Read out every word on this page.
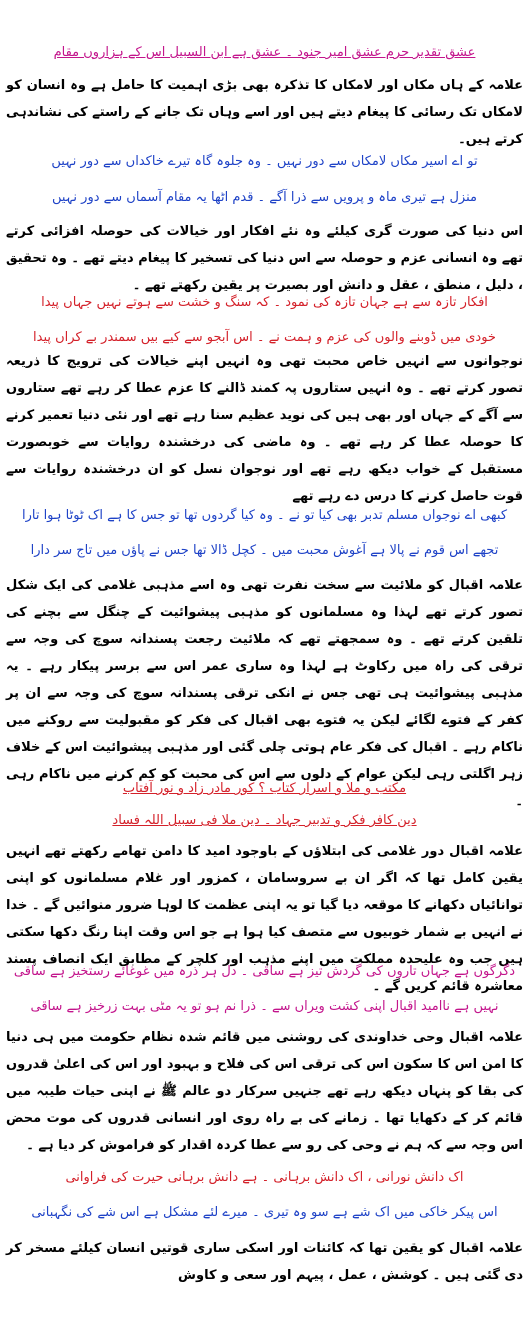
عشق تقدیر حرم عشق امیر جنود ۔ عشق ہے ابن السبیل اس کے ہزاروں مقام
علامہ کے ہاں مکاں اور لامکاں کا تذکرہ بھی بڑی اہمیت کا حامل ہے وہ انسان کو لامکاں تک رسائی کا پیغام دیتے ہیں اور اسے وہاں تک جانے کے راستے کی نشاندہی کرتے ہیں۔
تو اے اسیر مکاں لامکاں سے دور نہیں ۔ وہ جلوہ گاہ تیرے خاکداں سے دور نہیں
منزل ہے تیری ماہ و پرویں سے ذرا آگے ۔ قدم اٹھا یہ مقام آسماں سے دور نہیں
اس دنیا کی صورت گری کیلئے وہ نئے افکار اور خیالات کی حوصلہ افزائی کرتے تھے وہ انسانی عزم و حوصلہ سے اس دنیا کی تسخیر کا پیغام دیتے تھے ۔ وہ تحقیق ، دلیل ، منطق ، عقل و دانش اور بصیرت پر یقین رکھتے تھے ۔
افکار تازہ سے ہے جہان تازہ کی نمود ۔ کہ سنگ و خشت سے ہوتے نہیں جہاں پیدا
خودی میں ڈوبنے والوں کی عزم و ہمت نے ۔ اس آبجو سے کیے بیں سمندر بے کراں پیدا
نوجوانوں سے انہیں خاص محبت تھی وہ انہیں اپنے خیالات کی ترویج کا ذریعہ تصور کرتے تھے ۔ وہ انہیں ستاروں پہ کمند ڈالنے کا عزم عطا کر رہے تھے ستاروں سے آگے کے جہاں اور بھی ہیں کی نوید عظیم سنا رہے تھے اور نئی دنیا تعمیر کرنے کا حوصلہ عطا کر رہے تھے ۔ وہ ماضی کی درخشندہ روایات سے خوبصورت مستقبل کے خواب دیکھ رہے تھے اور نوجوان نسل کو ان درخشندہ روایات سے قوت حاصل کرنے کا درس دے رہے تھے
کبھی اے نوجواں مسلم تدبر بھی کیا تو نے ۔ وہ کیا گردوں تھا تو جس کا ہے اک ٹوٹا ہوا تارا
تجھے اس قوم نے پالا ہے آغوش محبت میں ۔ کچل ڈالا تھا جس نے پاؤں میں تاج سر دارا
علامہ اقبال کو ملائیت سے سخت نفرت تھی وہ اسے مذہبی غلامی کی ایک شکل تصور کرتے تھے لہذا وہ مسلمانوں کو مذہبی پیشوائیت کے چنگل سے بچنے کی تلقین کرتے تھے ۔ وہ سمجھتے تھے کہ ملائیت رجعت پسندانہ سوچ کی وجہ سے ترقی کی راہ میں رکاوٹ ہے لہذا وہ ساری عمر اس سے برسر پیکار رہے ۔ یہ مذہبی پیشوائیت ہی تھی جس نے انکی ترقی پسندانہ سوچ کی وجہ سے ان پر کفر کے فتوے لگائے لیکن یہ فتوے بھی اقبال کی فکر کو مقبولیت سے روکنے میں ناکام رہے ۔ اقبال کی فکر عام ہوتی چلی گئی اور مذہبی پیشوائیت اس کے خلاف زہر اگلتی رہی لیکن عوام کے دلوں سے اس کی محبت کو کم کرنے میں ناکام رہی ۔
مکتب و ملا و اسرار کتاب ؟ کور مادر زاد و نور آفتاب
دین کافر فکر و تدبیر جہاد ۔ دین ملا فی سبیل اللہ فساد
علامہ اقبال دور غلامی کی ابتلاؤں کے باوجود امید کا دامن تھامے رکھتے تھے انہیں یقین کامل تھا کہ اگر ان بے سروسامان ، کمزور اور غلام مسلمانوں کو اپنی توانائیاں دکھانے کا موقعہ دیا گیا تو یہ اپنی عظمت کا لوہا ضرور منوائیں گے ۔ خدا نے انہیں بے شمار خوبیوں سے متصف کیا ہوا ہے جو اس وقت اپنا رنگ دکھا سکتی ہیں جب وہ علیحدہ مملکت میں اپنے مذہب اور کلچر کے مطابق ایک انصاف پسند معاشرہ قائم کریں گے ۔
دگرگوں ہے جہاں تاروں کی گردش تیز ہے ساقی ۔ دل ہر ذرہ میں غوغائے رستخیز ہے ساقی
نہیں ہے ناامید اقبال اپنی کشت ویراں سے ۔ ذرا نم ہو تو یہ مٹی بہت زرخیز ہے ساقی
علامہ اقبال وحی خداوندی کی روشنی میں قائم شدہ نظام حکومت میں ہی دنیا کا امن اس کا سکون اس کی ترقی اس کی فلاح و بہبود اور اس کی اعلیٰ قدروں کی بقا کو پنہاں دیکھ رہے تھے جنہیں سرکار دو عالم ﷺ نے اپنی حیات طیبہ میں قائم کر کے دکھایا تھا ۔ زمانے کی بے راہ روی اور انسانی قدروں کی موت محض اس وجہ سے کہ ہم نے وحی کی رو سے عطا کردہ اقدار کو فراموش کر دیا ہے ۔
اک دانش نورانی ، اک دانش برہانی ۔ ہے دانش برہانی حیرت کی فراوانی
اس پیکر خاکی میں اک شے ہے سو وہ تیری ۔ میرے لئے مشکل ہے اس شے کی نگہبانی
علامہ اقبال کو یقین تھا کہ کائنات اور اسکی ساری قوتیں انسان کیلئے مسخر کر دی گئی ہیں ۔ کوشش ، عمل ، پیہم اور سعی و کاوش
